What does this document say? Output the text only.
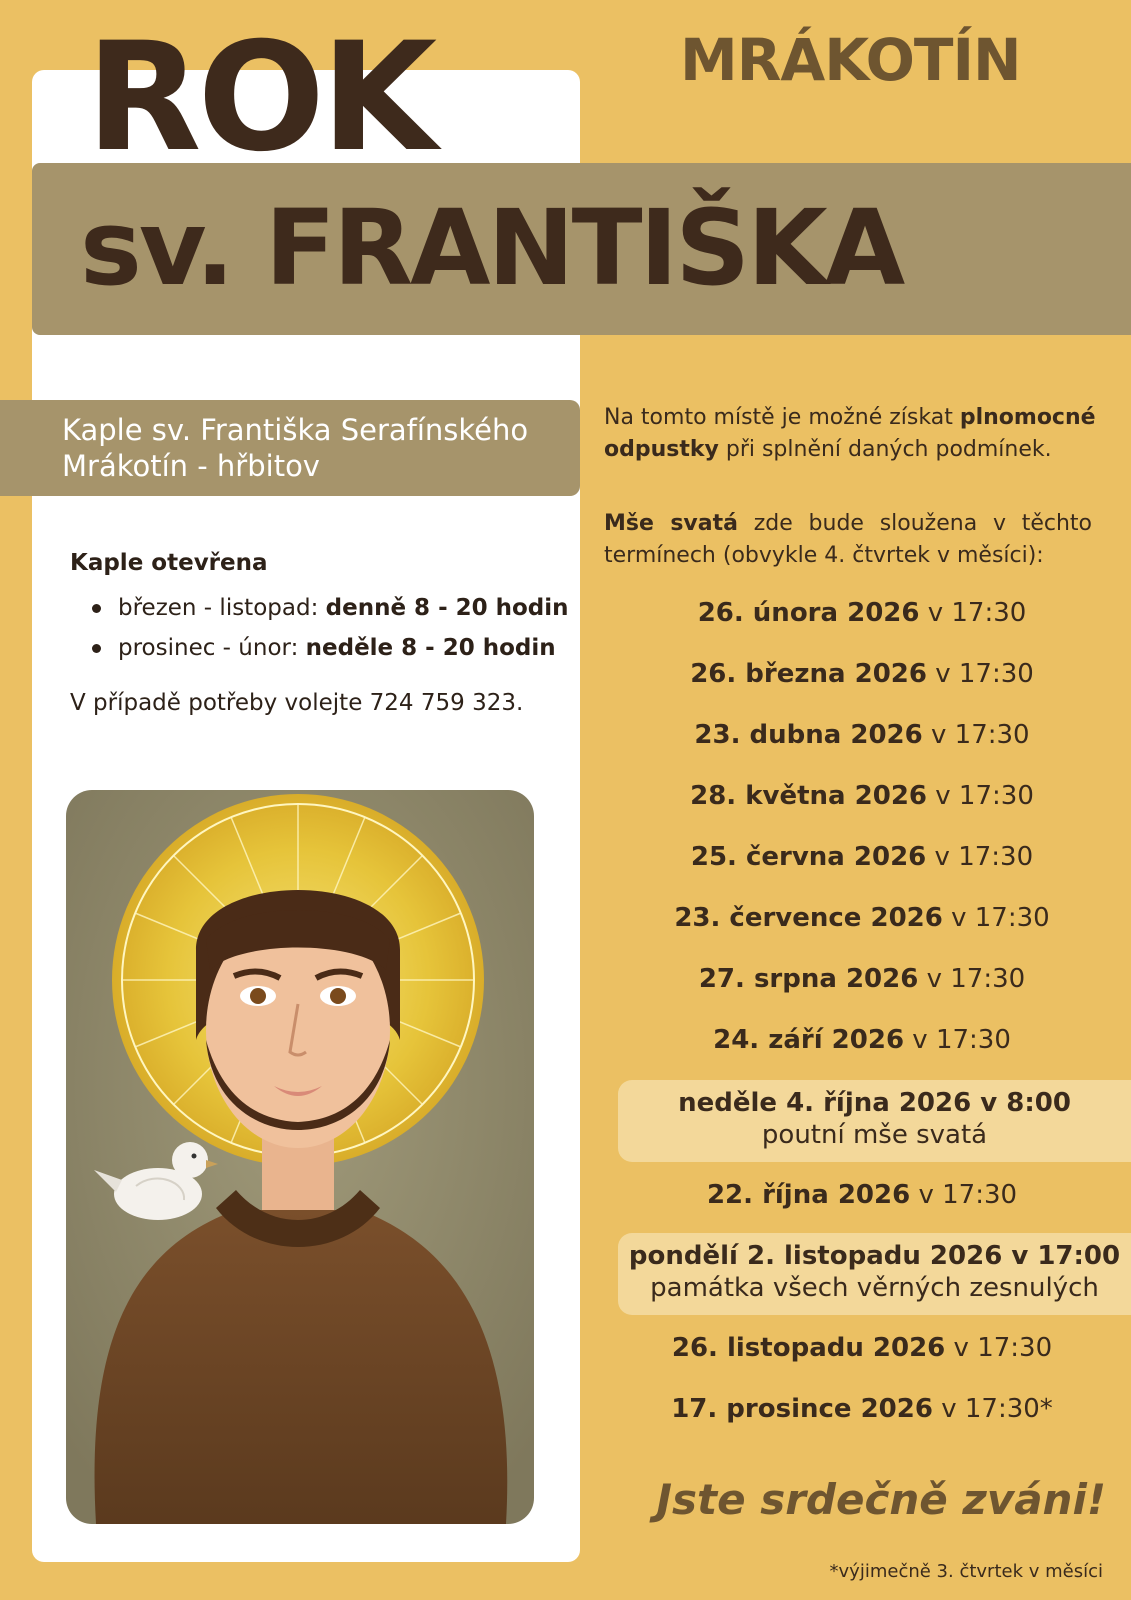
ROK
sv. FRANTIŠKA
MRÁKOTÍN
Kaple sv. Františka Serafínského
Mrákotín - hřbitov
Kaple otevřena
březen - listopad: denně 8 - 20 hodin
prosinec - únor: neděle 8 - 20 hodin
V případě potřeby volejte 724 759 323.

Na tomto místě je možné získat plnomocné odpustky při splnění daných podmínek.

Mše svatá zde bude sloužena v těchto termínech (obvykle 4. čtvrtek v měsíci):

26. února 2026 v 17:30
26. března 2026 v 17:30
23. dubna 2026 v 17:30
28. května 2026 v 17:30
25. června 2026 v 17:30
23. července 2026 v 17:30
27. srpna 2026 v 17:30
24. září 2026 v 17:30
neděle 4. října 2026 v 8:00
poutní mše svatá
22. října 2026 v 17:30
pondělí 2. listopadu 2026 v 17:00
památka všech věrných zesnulých
26. listopadu 2026 v 17:30
17. prosince 2026 v 17:30*
Jste srdečně zváni!
*výjimečně 3. čtvrtek v měsíci
